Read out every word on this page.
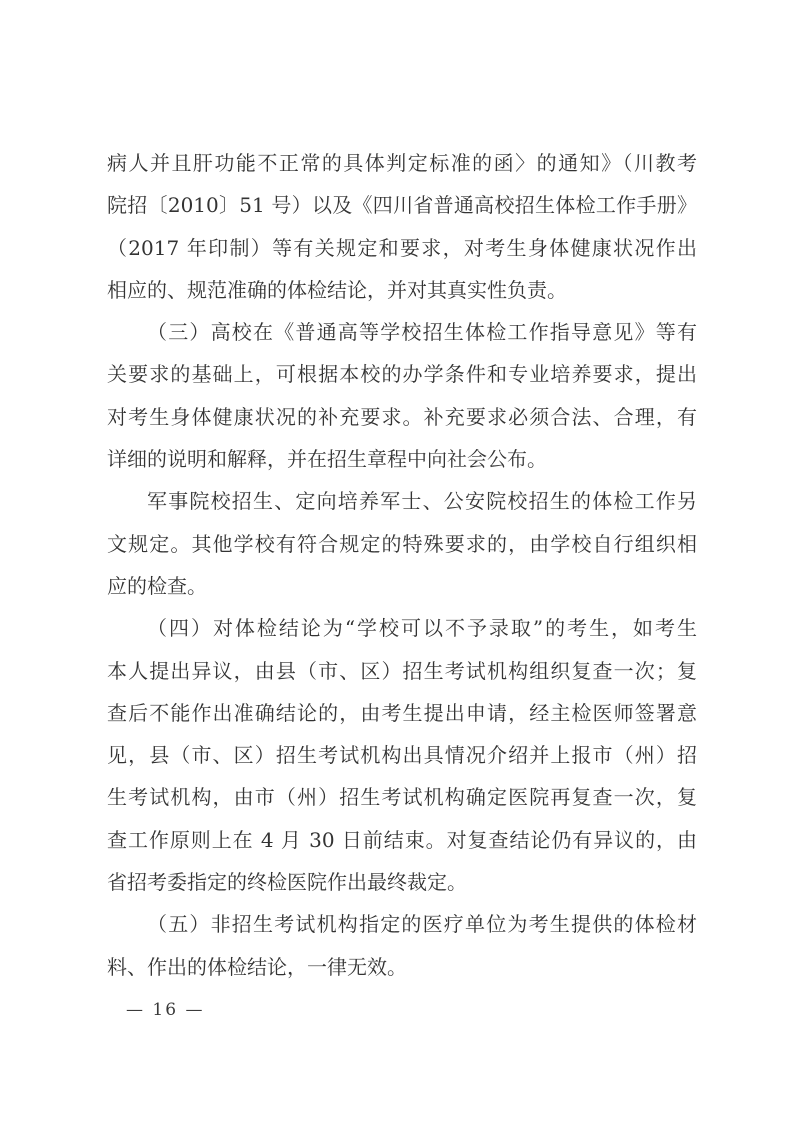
病人并且肝功能不正常的具体判定标准的函〉的通知》（川教考
院招〔2010〕51 号）以及《四川省普通高校招生体检工作手册》
（2017 年印制）等有关规定和要求，对考生身体健康状况作出
相应的、规范准确的体检结论，并对其真实性负责。
（三）高校在《普通高等学校招生体检工作指导意见》等有
关要求的基础上，可根据本校的办学条件和专业培养要求，提出
对考生身体健康状况的补充要求。补充要求必须合法、合理，有
详细的说明和解释，并在招生章程中向社会公布。
军事院校招生、定向培养军士、公安院校招生的体检工作另
文规定。其他学校有符合规定的特殊要求的，由学校自行组织相
应的检查。
（四）对体检结论为“学校可以不予录取”的考生，如考生
本人提出异议，由县（市、区）招生考试机构组织复查一次；复
查后不能作出准确结论的，由考生提出申请，经主检医师签署意
见，县（市、区）招生考试机构出具情况介绍并上报市（州）招
生考试机构，由市（州）招生考试机构确定医院再复查一次，复
查工作原则上在 4 月 30 日前结束。对复查结论仍有异议的，由
省招考委指定的终检医院作出最终裁定。
（五）非招生考试机构指定的医疗单位为考生提供的体检材
料、作出的体检结论，一律无效。
— 16 —
